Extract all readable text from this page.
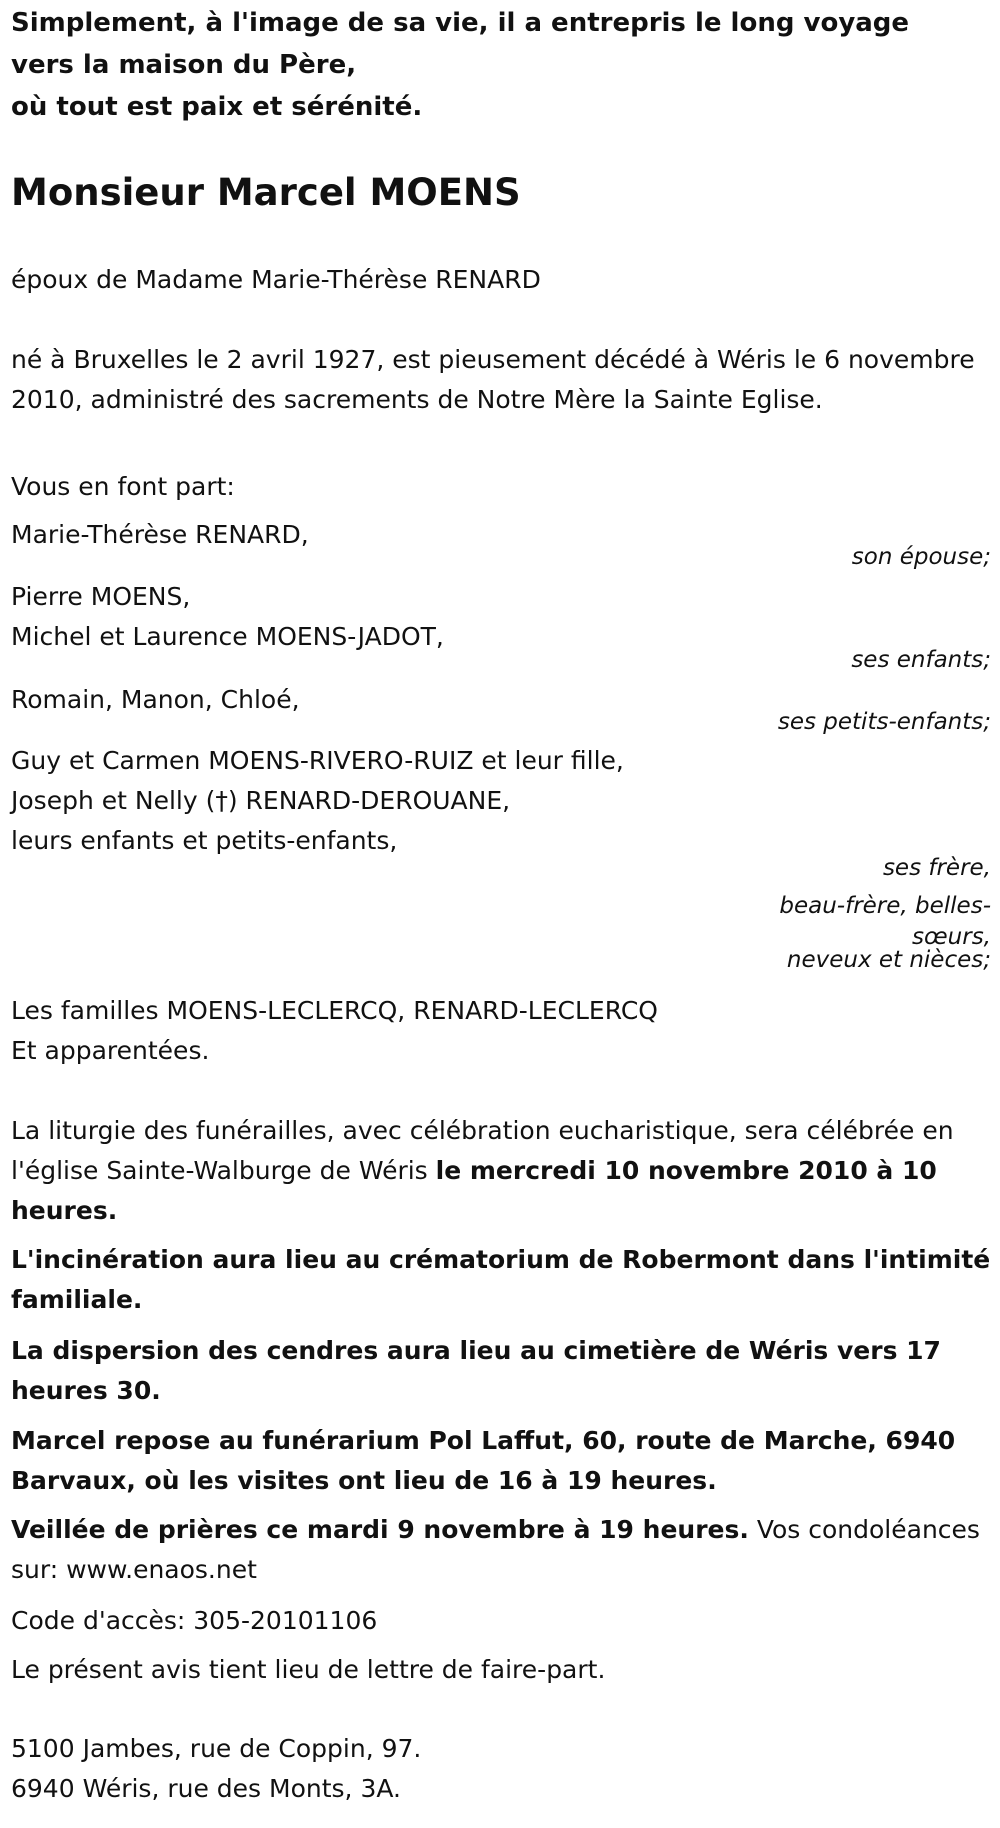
Simplement, à l'image de sa vie, il a entrepris le long voyage vers la maison du Père,
où tout est paix et sérénité.

Monsieur Marcel MOENS
époux de Madame Marie-Thérèse RENARD
né à Bruxelles le 2 avril 1927, est pieusement décédé à Wéris le 6 novembre 2010, administré des sacrements de Notre Mère la Sainte Eglise.
Vous en font part:
Marie-Thérèse RENARD,
son épouse;
Pierre MOENS,
Michel et Laurence MOENS-JADOT,
ses enfants;
Romain, Manon, Chloé,
ses petits-enfants;
Guy et Carmen MOENS-RIVERO-RUIZ et leur fille,
Joseph et Nelly (†) RENARD-DEROUANE,
leurs enfants et petits-enfants,
ses frère,
beau-frère, belles-
sœurs,
neveux et nièces;
Les familles MOENS-LECLERCQ, RENARD-LECLERCQ
Et apparentées.
La liturgie des funérailles, avec célébration eucharistique, sera célébrée en l'église Sainte-Walburge de Wéris le mercredi 10 novembre 2010 à 10 heures.
L'incinération aura lieu au crématorium de Robermont dans l'intimité familiale.
La dispersion des cendres aura lieu au cimetière de Wéris vers 17 heures 30.
Marcel repose au funérarium Pol Laffut, 60, route de Marche, 6940 Barvaux, où les visites ont lieu de 16 à 19 heures.
Veillée de prières ce mardi 9 novembre à 19 heures. Vos condoléances sur: www.enaos.net
Code d'accès: 305-20101106
Le présent avis tient lieu de lettre de faire-part.
5100 Jambes, rue de Coppin, 97.
6940 Wéris, rue des Monts, 3A.
